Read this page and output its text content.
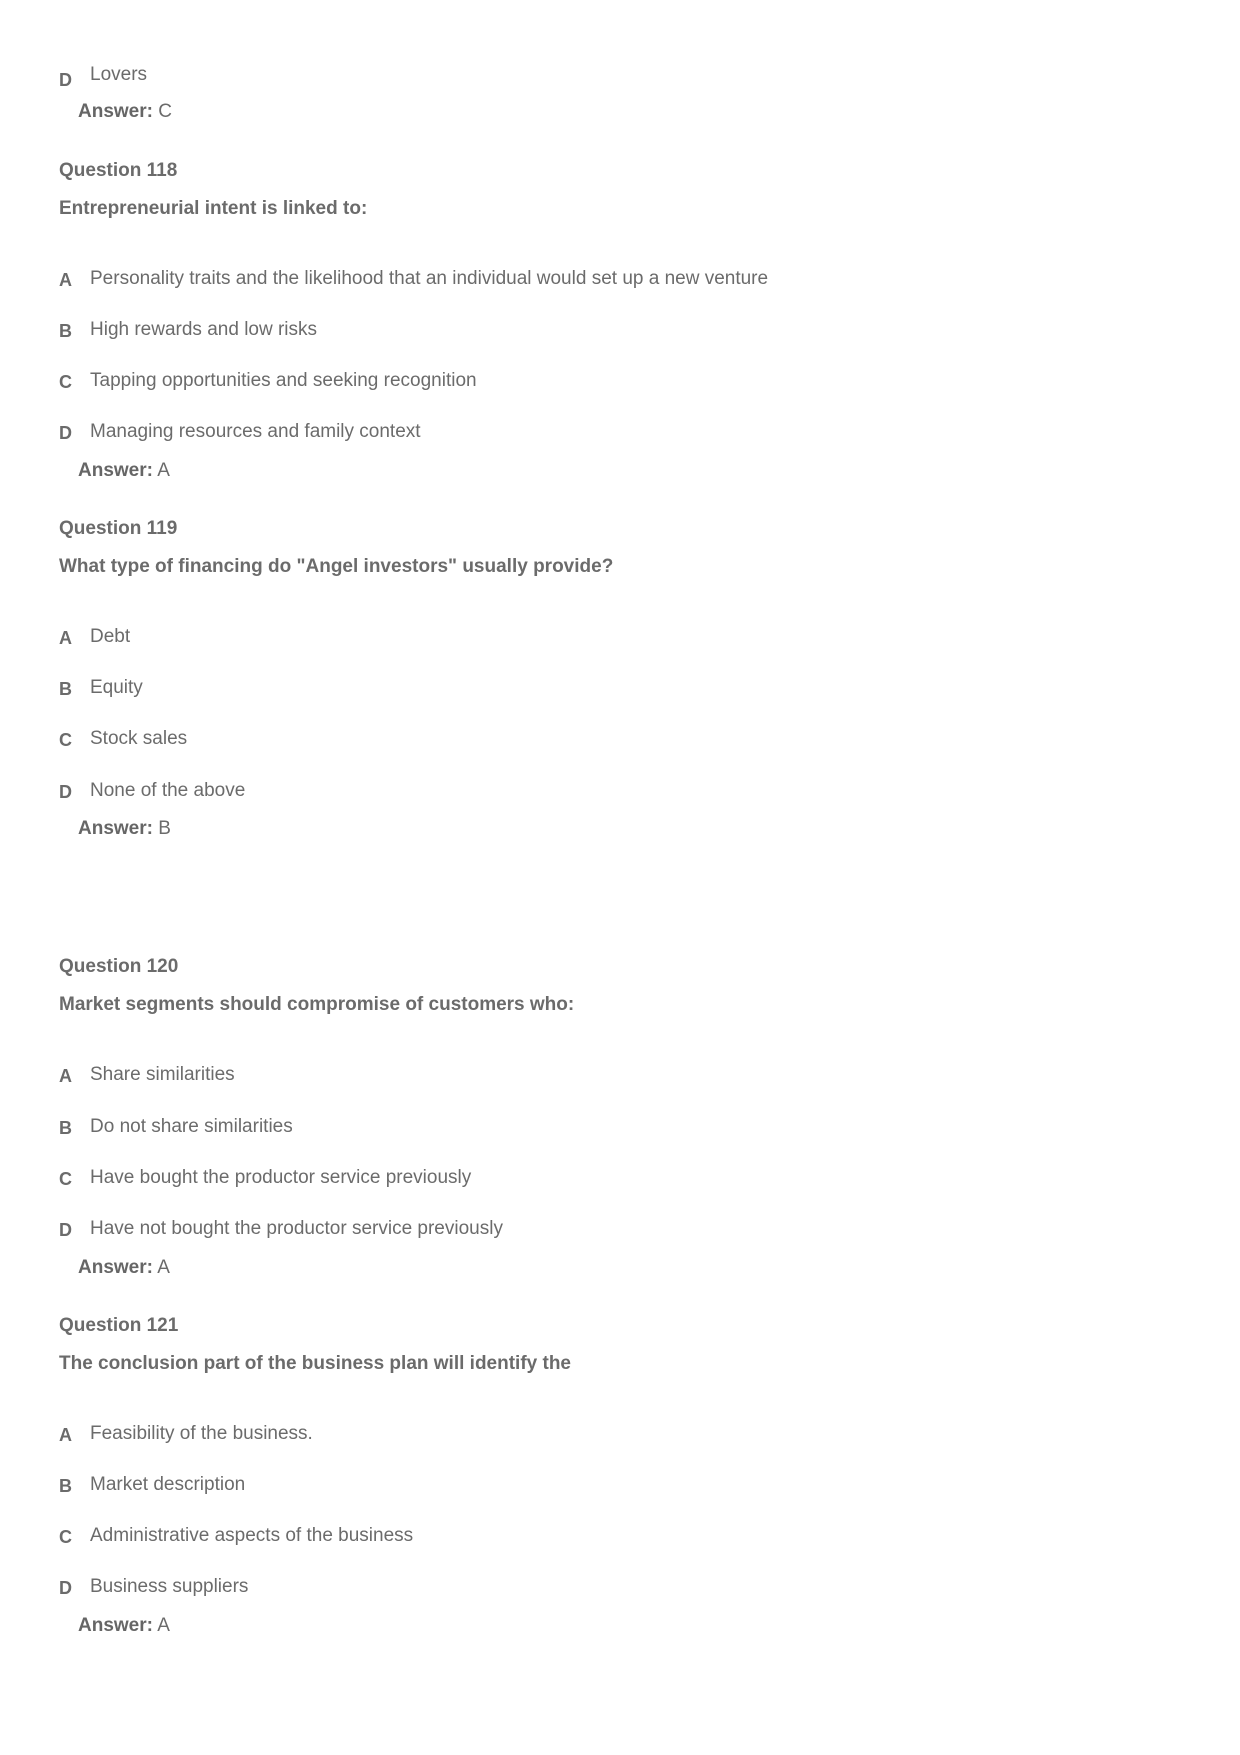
D Lovers
Answer: C
Question 118
Entrepreneurial intent is linked to:
A Personality traits and the likelihood that an individual would set up a new venture
B High rewards and low risks
C Tapping opportunities and seeking recognition
D Managing resources and family context
Answer: A
Question 119
What type of financing do "Angel investors" usually provide?
A Debt
B Equity
C Stock sales
D None of the above
Answer: B
Question 120
Market segments should compromise of customers who:
A Share similarities
B Do not share similarities
C Have bought the productor service previously
D Have not bought the productor service previously
Answer: A
Question 121
The conclusion part of the business plan will identify the
A Feasibility of the business.
B Market description
C Administrative aspects of the business
D Business suppliers
Answer: A
